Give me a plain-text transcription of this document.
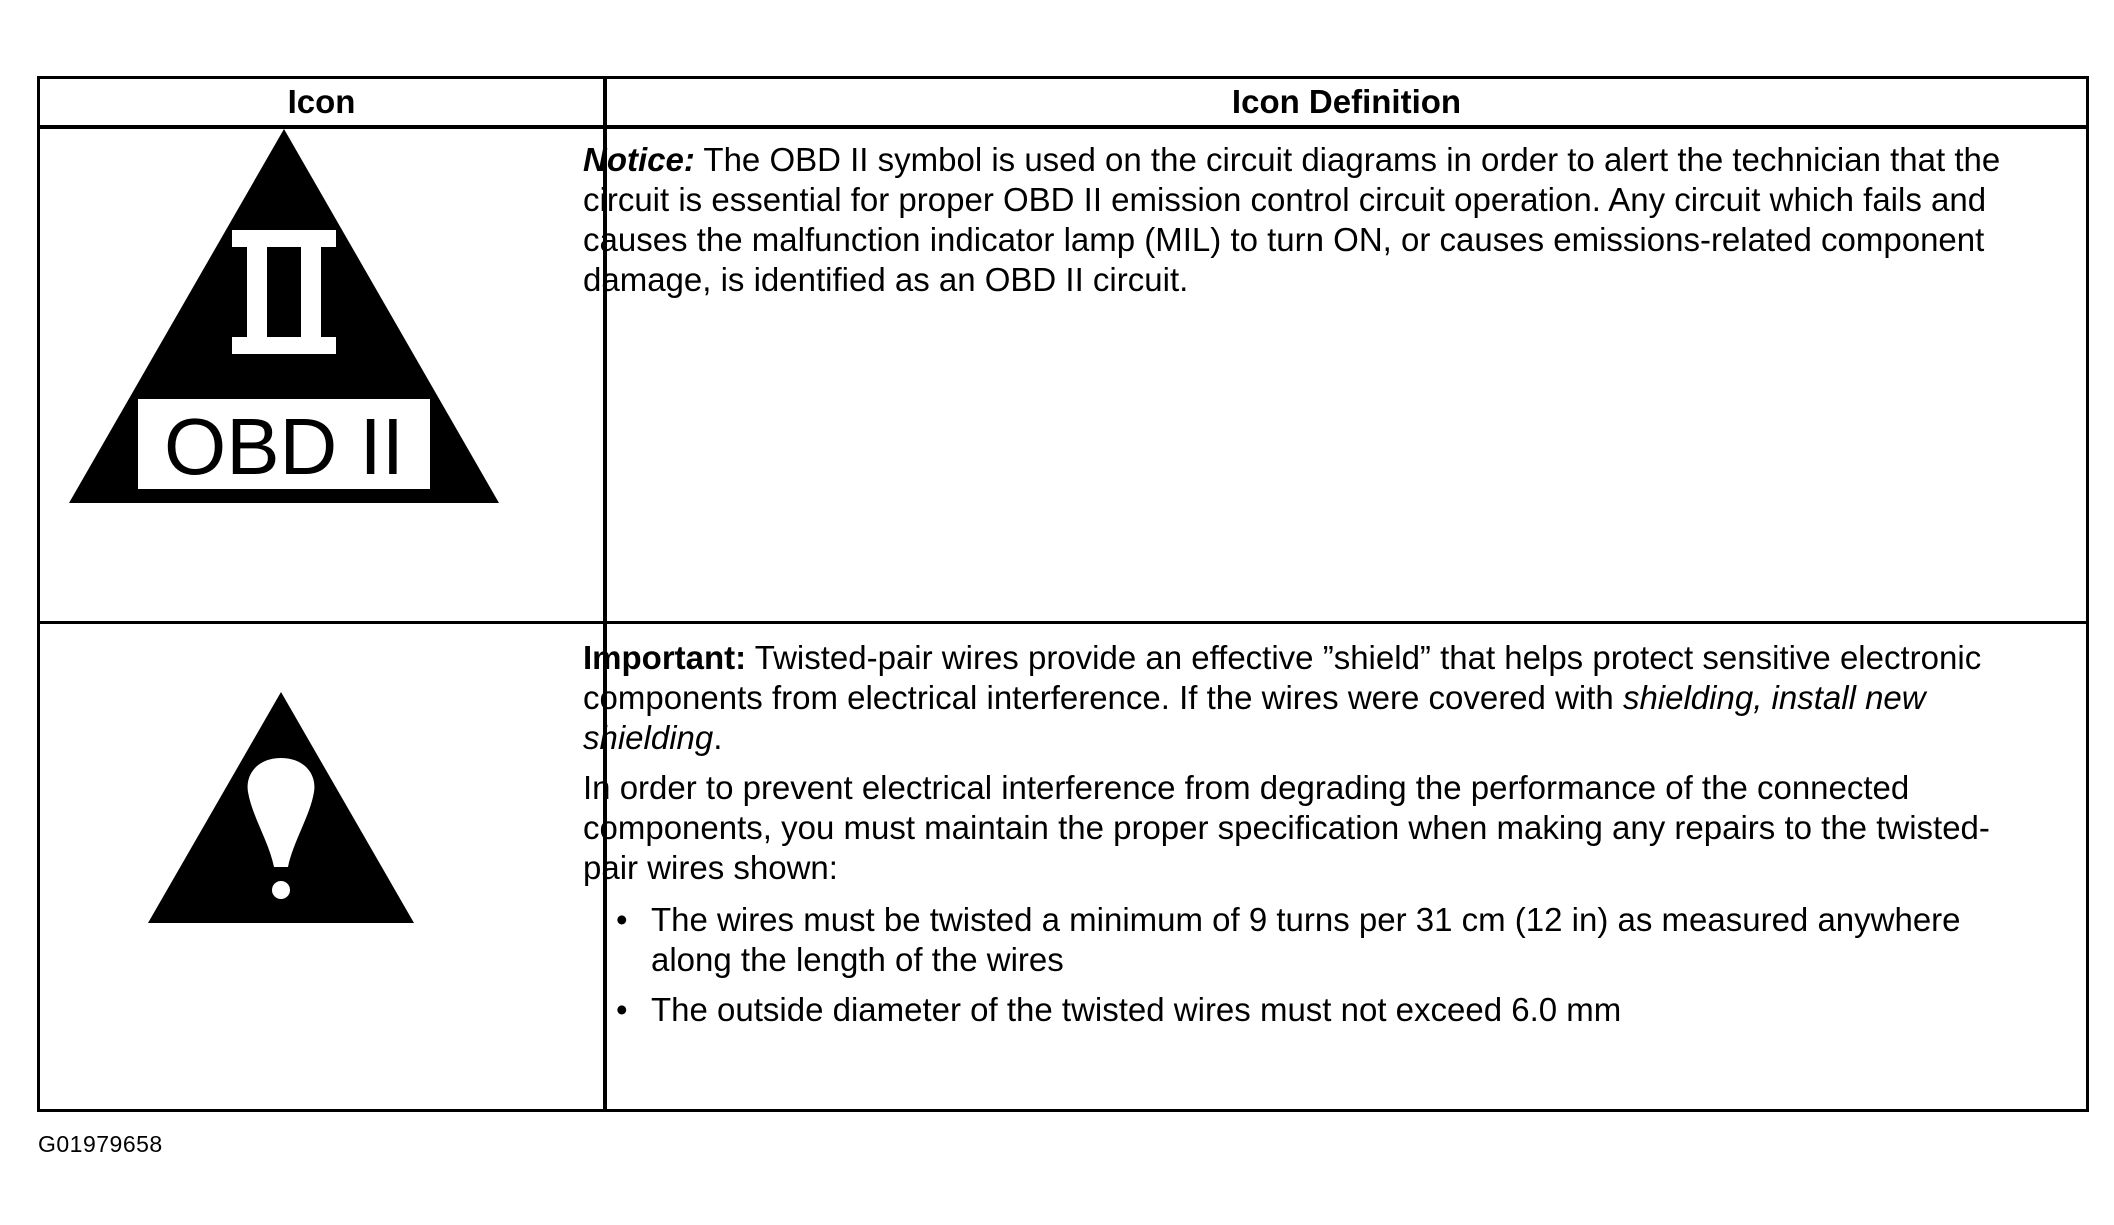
Icon	Icon Definition
OBD II

Notice: The OBD II symbol is used on the circuit diagrams in order to alert the technician that the circuit is essential for proper OBD II emission control circuit operation. Any circuit which fails and causes the malfunction indicator lamp (MIL) to turn ON, or causes emissions-related component damage, is identified as an OBD II circuit.

Important: Twisted-pair wires provide an effective ”shield” that helps protect sensitive electronic components from electrical interference. If the wires were covered with shielding, install new shielding.

In order to prevent electrical interference from degrading the performance of the connected components, you must maintain the proper specification when making any repairs to the twisted-pair wires shown:

• The wires must be twisted a minimum of 9 turns per 31 cm (12 in) as measured anywhere along the length of the wires
• The outside diameter of the twisted wires must not exceed 6.0 mm
G01979658
